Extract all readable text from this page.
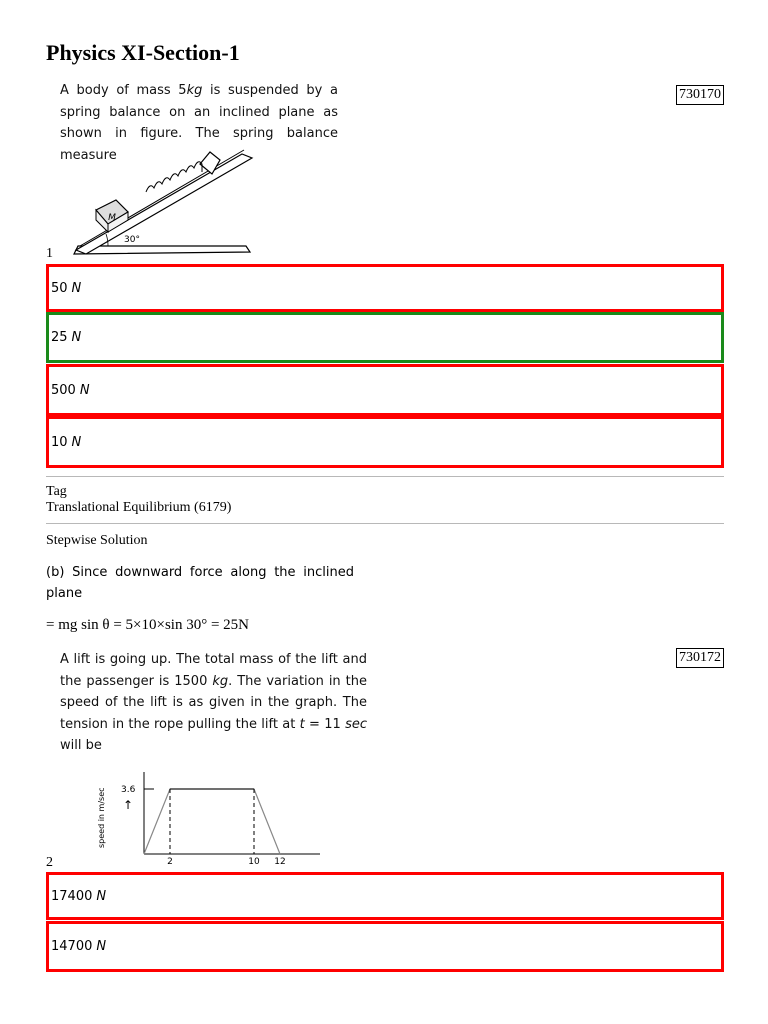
Physics XI-Section-1
A body of mass 5kg is suspended by a spring balance on an inclined plane as shown in figure. The spring balance measure
730170
M
30°
1
50 N
25 N
500 N
10 N
Tag
Translational Equilibrium (6179)
Stepwise Solution
(b) Since downward force along the inclined plane
= mg sin θ = 5×10×sin 30° = 25N
A lift is going up. The total mass of the lift and the passenger is 1500 kg. The variation in the speed of the lift is as given in the graph. The tension in the rope pulling the lift at t = 11 sec will be
730172
speed in m/sec 3.6
↑
2	10 12
2
17400 N
14700 N
